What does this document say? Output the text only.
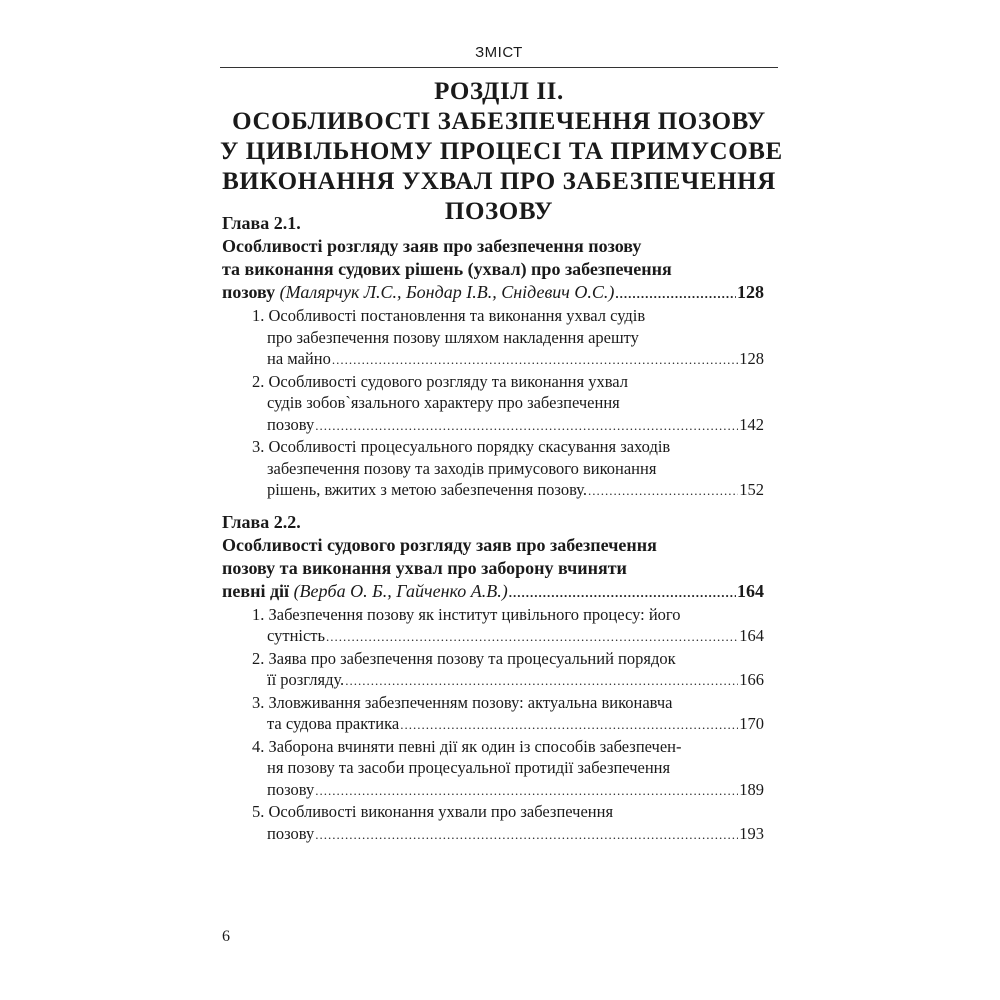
ЗМІСТ
РОЗДІЛ ІІ.
ОСОБЛИВОСТІ ЗАБЕЗПЕЧЕННЯ ПОЗОВУ
У ЦИВІЛЬНОМУ ПРОЦЕСІ ТА ПРИМУСОВЕ
ВИКОНАННЯ УХВАЛ ПРО ЗАБЕЗПЕЧЕННЯ
ПОЗОВУ
Глава 2.1.
Особливості розгляду заяв про забезпечення позову
та виконання судових рішень (ухвал) про забезпечення
позову (Малярчук Л.С., Бондар І.В., Снідевич О.С.) .....	128
1. Особливості постановлення та виконання ухвал судів
про забезпечення позову шляхом накладення арешту
на майно .....	128
2. Особливості судового розгляду та виконання ухвал
судів зобов`язального характеру про забезпечення
позову .....	142
3. Особливості процесуального порядку скасування заходів
забезпечення позову та заходів примусового виконання
рішень, вжитих з метою забезпечення позову. .....	152
Глава 2.2.
Особливості судового розгляду заяв про забезпечення
позову та виконання ухвал про заборону вчиняти
певні дії (Верба О. Б., Гайченко А.В.) .....	164
1. Забезпечення позову як інститут цивільного процесу: його
сутність .....	164
2. Заява про забезпечення позову та процесуальний порядок
її розгляду. .....	166
3. Зловживання забезпеченням позову: актуальна виконавча
та судова практика .....	170
4. Заборона вчиняти певні дії як один із способів забезпечен-
ня позову та засоби процесуальної протидії забезпечення
позову .....	189
5. Особливості виконання ухвали про забезпечення
позову .....	193
6
